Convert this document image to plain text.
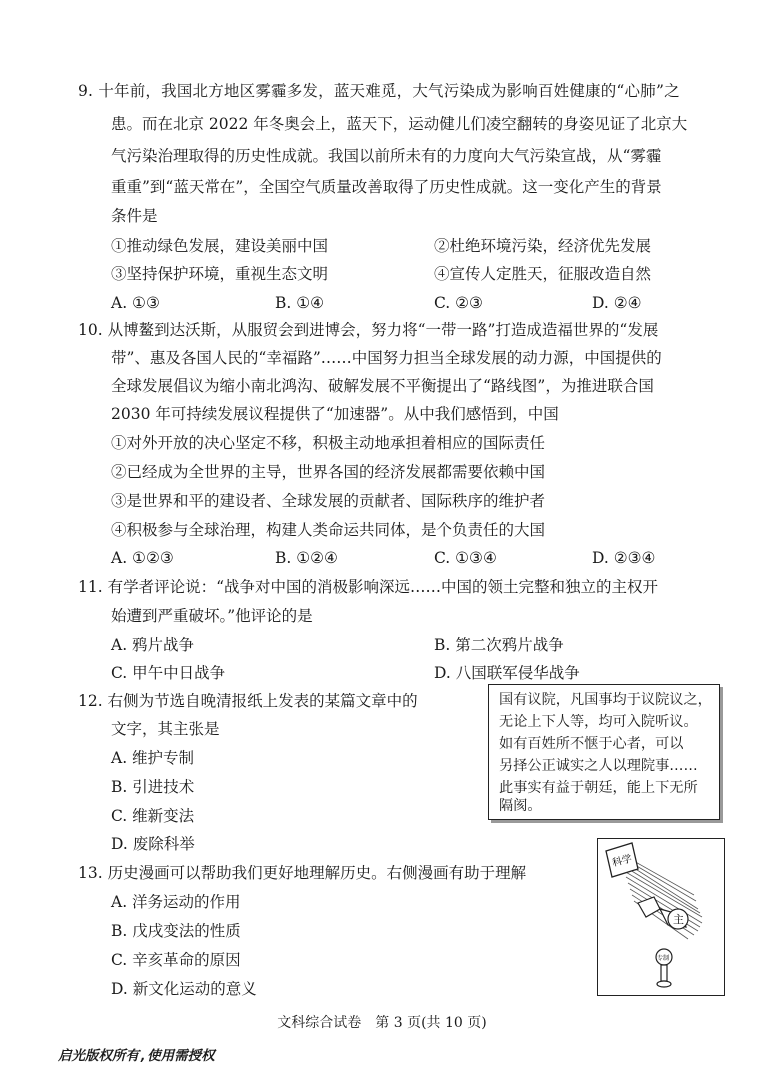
9. 十年前，我国北方地区雾霾多发，蓝天难觅，大气污染成为影响百姓健康的“心肺”之
患。而在北京 2022 年冬奥会上，蓝天下，运动健儿们凌空翻转的身姿见证了北京大
气污染治理取得的历史性成就。我国以前所未有的力度向大气污染宣战，从“雾霾
重重”到“蓝天常在”，全国空气质量改善取得了历史性成就。这一变化产生的背景
条件是
①推动绿色发展，建设美丽中国	②杜绝环境污染，经济优先发展
③坚持保护环境，重视生态文明	④宣传人定胜天，征服改造自然
A. ①③	B. ①④	C. ②③	D. ②④
10. 从博鳌到达沃斯，从服贸会到进博会，努力将“一带一路”打造成造福世界的“发展
带”、惠及各国人民的“幸福路”……中国努力担当全球发展的动力源，中国提供的
全球发展倡议为缩小南北鸿沟、破解发展不平衡提出了“路线图”，为推进联合国
2030 年可持续发展议程提供了“加速器”。从中我们感悟到，中国
①对外开放的决心坚定不移，积极主动地承担着相应的国际责任
②已经成为全世界的主导，世界各国的经济发展都需要依赖中国
③是世界和平的建设者、全球发展的贡献者、国际秩序的维护者
④积极参与全球治理，构建人类命运共同体，是个负责任的大国
A. ①②③	B. ①②④	C. ①③④	D. ②③④
11. 有学者评论说：“战争对中国的消极影响深远……中国的领土完整和独立的主权开
始遭到严重破坏。”他评论的是
A. 鸦片战争	B. 第二次鸦片战争
C. 甲午中日战争	D. 八国联军侵华战争
12. 右侧为节选自晚清报纸上发表的某篇文章中的
文字，其主张是
A. 维护专制
B. 引进技术
C. 维新变法
D. 废除科举
国有议院，凡国事均于议院议之，
无论上下人等，均可入院听议。
如有百姓所不惬于心者，可以
另择公正诚实之人以理院事……
此事实有益于朝廷，能上下无所
隔阂。
13. 历史漫画可以帮助我们更好地理解历史。右侧漫画有助于理解
A. 洋务运动的作用
B. 戊戌变法的性质
C. 辛亥革命的原因
D. 新文化运动的意义
科学
主
专制
文科综合试卷　第 3 页(共 10 页)
启光版权所有,使用需授权
